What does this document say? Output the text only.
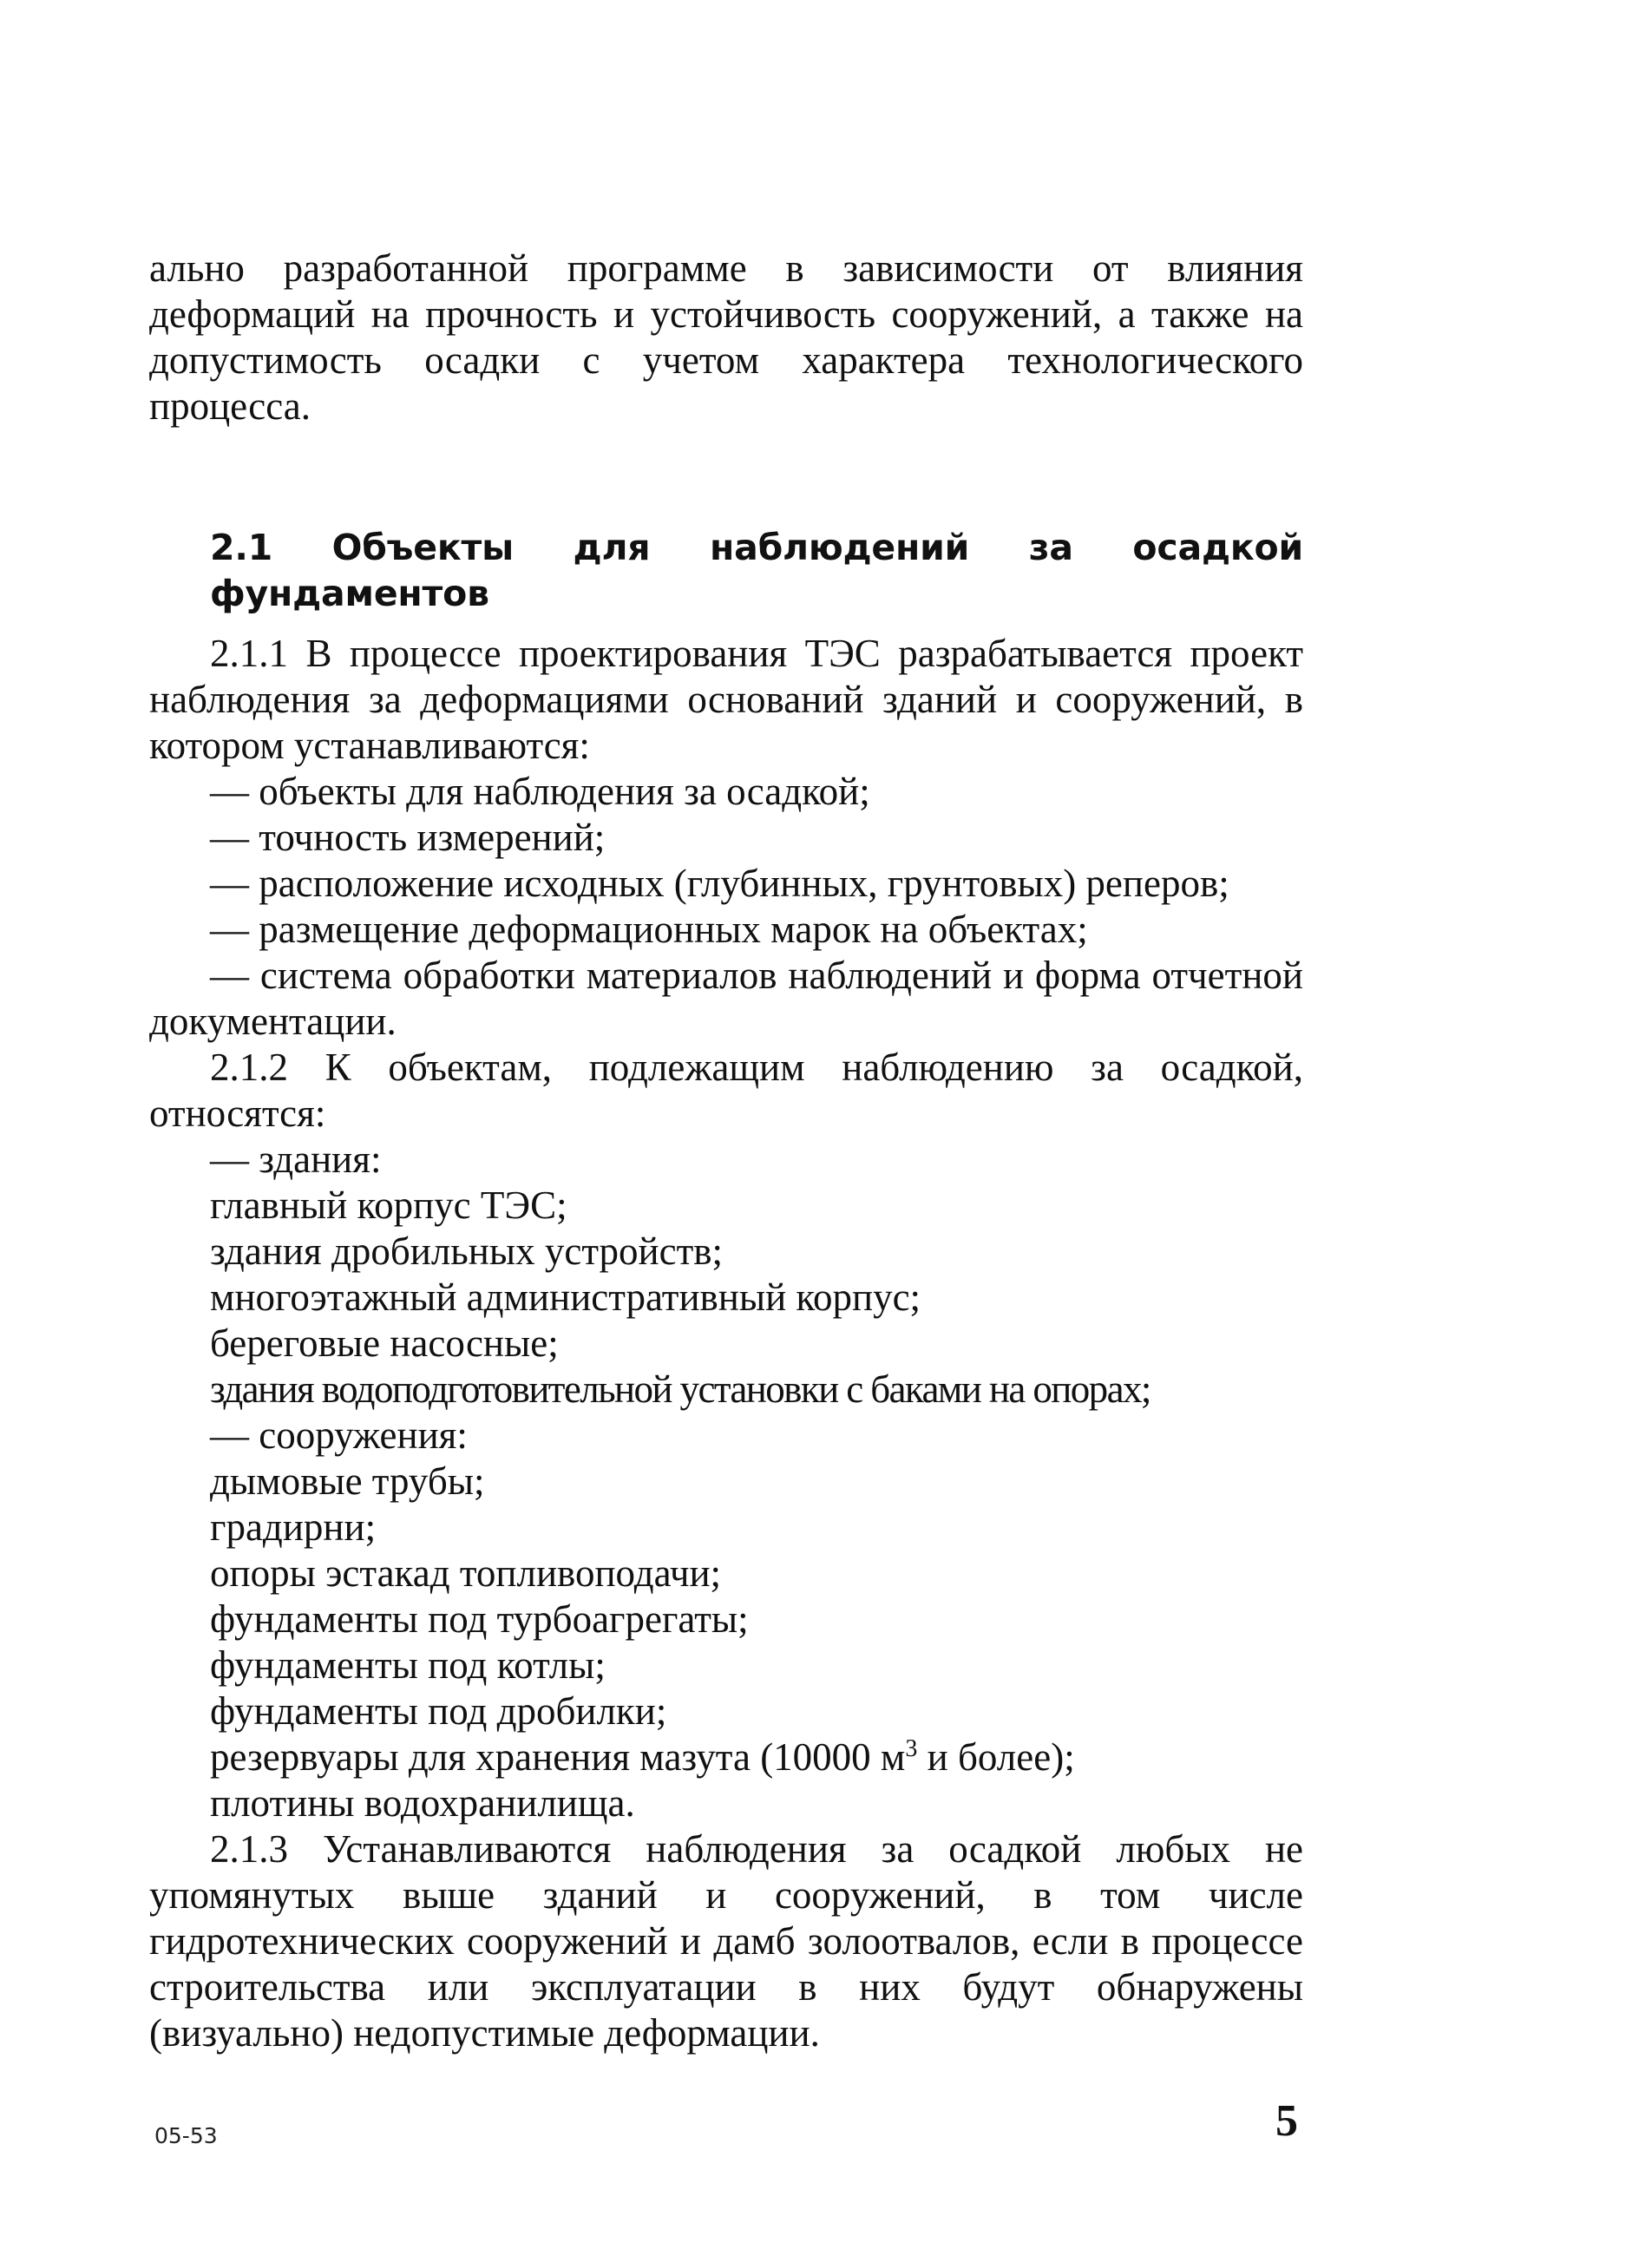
ально разработанной программе в зависимости от влияния деформаций на прочность и устойчивость сооружений, а также на допустимость осадки с учетом характера технологического процесса.

2.1 Объекты для наблюдений за осадкой фундаментов

2.1.1 В процессе проектирования ТЭС разрабатывается проект наблюдения за деформациями оснований зданий и сооружений, в котором устанавливаются:

— объекты для наблюдения за осадкой;
— точность измерений;
— расположение исходных (глубинных, грунтовых) реперов;
— размещение деформационных марок на объектах;
— система обработки материалов наблюдений и форма отчетной документации.

2.1.2 К объектам, подлежащим наблюдению за осадкой, относятся:

— здания:

главный корпус ТЭС;
здания дробильных устройств;
многоэтажный административный корпус;
береговые насосные;
здания водоподготовительной установки с баками на опорах;

— сооружения:

дымовые трубы;
градирни;
опоры эстакад топливоподачи;
фундаменты под турбоагрегаты;
фундаменты под котлы;
фундаменты под дробилки;
резервуары для хранения мазута (10000 $м^3$ и более);
плотины водохранилища.

2.1.3 Устанавливаются наблюдения за осадкой любых не упомянутых выше зданий и сооружений, в том числе гидротехнических сооружений и дамб золоотвалов, если в процессе строительства или эксплуатации в них будут обнаружены (визуально) недопустимые деформации.

05-53	5
